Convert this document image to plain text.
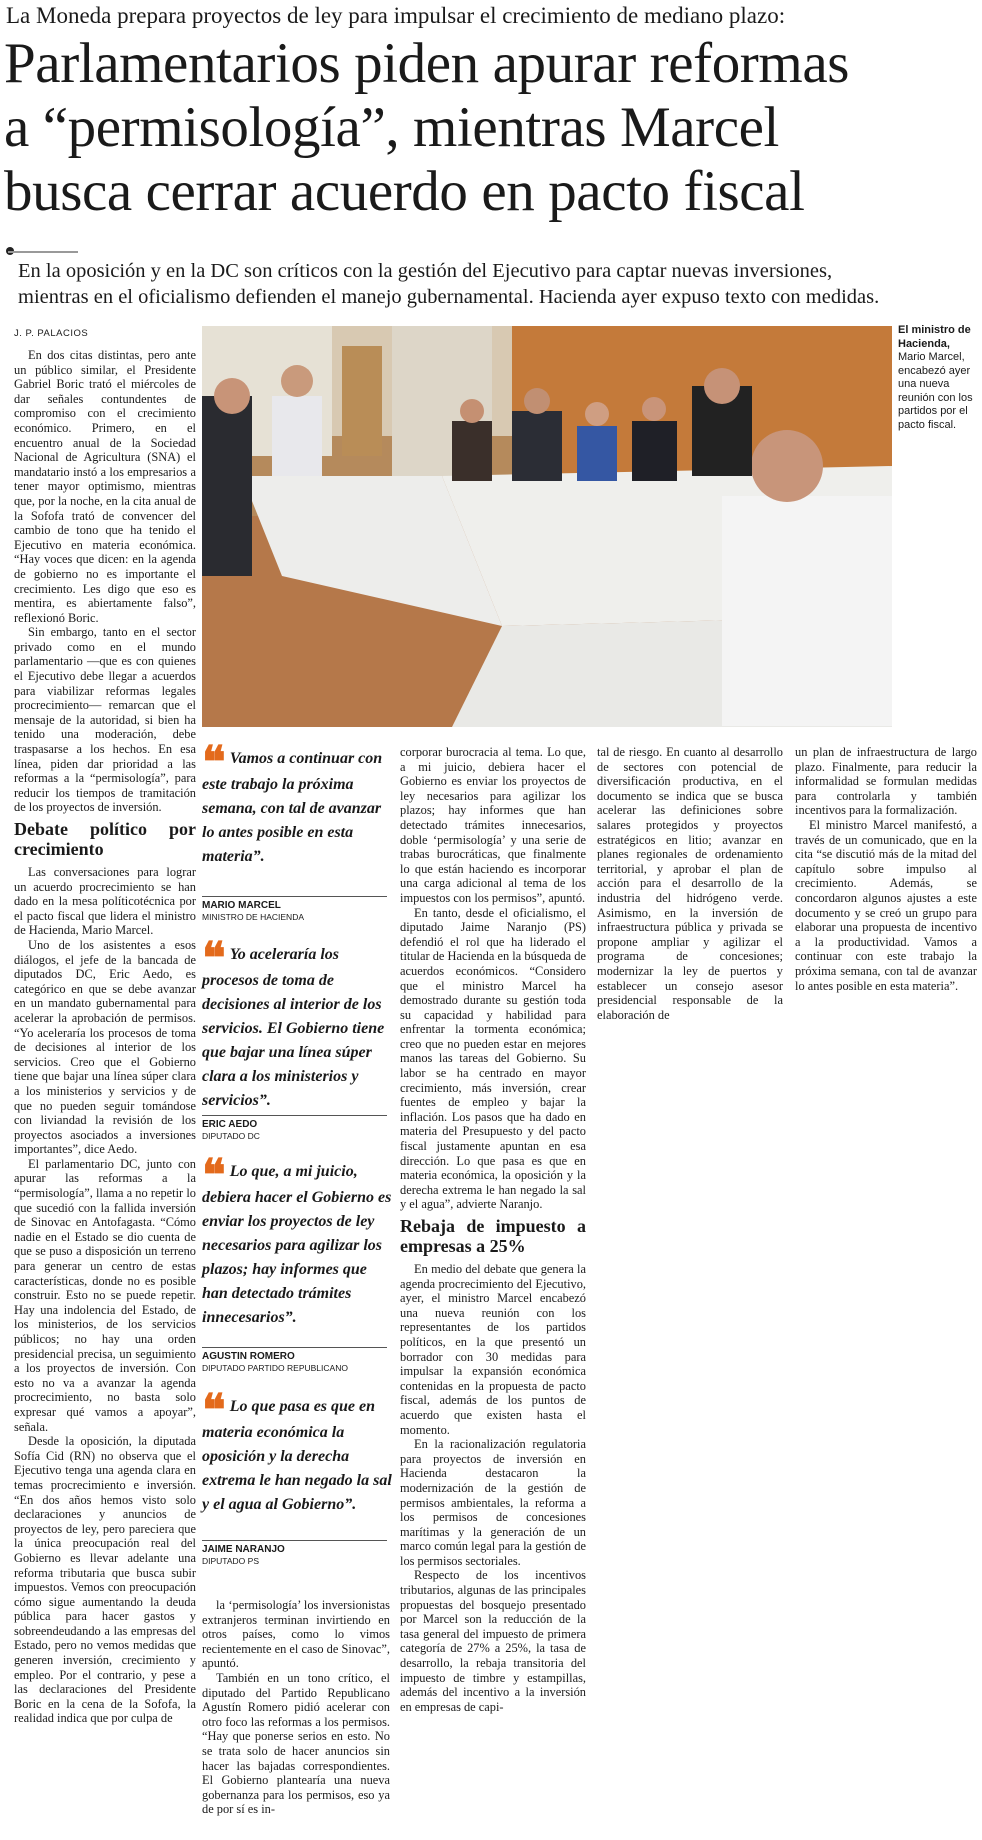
La Moneda prepara proyectos de ley para impulsar el crecimiento de mediano plazo:
Parlamentarios piden apurar reformas
a “permisología”, mientras Marcel
busca cerrar acuerdo en pacto fiscal
En la oposición y en la DC son críticos con la gestión del Ejecutivo para captar nuevas inversiones,
mientras en el oficialismo defienden el manejo gubernamental. Hacienda ayer expuso texto con medidas.
J. P. PALACIOS	El ministro de Hacienda,
Mario Marcel, encabezó ayer una nueva reunión con los partidos por el pacto fiscal.

En dos citas distintas, pero ante un público similar, el Presidente Gabriel Boric trató el miércoles de dar señales contundentes de compromiso con el crecimiento económico. Primero, en el encuentro anual de la Sociedad Nacional de Agricultura (SNA) el mandatario instó a los empresarios a tener mayor optimismo, mientras que, por la noche, en la cita anual de la Sofofa trató de convencer del cambio de tono que ha tenido el Ejecutivo en materia económica. “Hay voces que dicen: en la agenda de gobierno no es importante el crecimiento. Les digo que eso es mentira, es abiertamente falso”, reflexionó Boric.

Sin embargo, tanto en el sector privado como en el mundo parlamentario —que es con quienes el Ejecutivo debe llegar a acuerdos para viabilizar reformas legales procrecimiento— remarcan que el mensaje de la autoridad, si bien ha tenido una moderación, debe traspasarse a los hechos. En esa línea, piden dar prioridad a las reformas a la “permisología”, para reducir los tiempos de tramitación de los proyectos de inversión.

Debate político por crecimiento

Las conversaciones para lograr un acuerdo procrecimiento se han dado en la mesa políticotécnica por el pacto fiscal que lidera el ministro de Hacienda, Mario Marcel.

Uno de los asistentes a esos diálogos, el jefe de la bancada de diputados DC, Eric Aedo, es categórico en que se debe avanzar en un mandato gubernamental para acelerar la aprobación de permisos. “Yo aceleraría los procesos de toma de decisiones al interior de los servicios. Creo que el Gobierno tiene que bajar una línea súper clara a los ministerios y servicios y de que no pueden seguir tomándose con liviandad la revisión de los proyectos asociados a inversiones importantes”, dice Aedo.

El parlamentario DC, junto con apurar las reformas a la “permisología”, llama a no repetir lo que sucedió con la fallida inversión de Sinovac en Antofagasta. “Cómo nadie en el Estado se dio cuenta de que se puso a disposición un terreno para generar un centro de estas características, donde no es posible construir. Esto no se puede repetir. Hay una indolencia del Estado, de los ministerios, de los servicios públicos; no hay una orden presidencial precisa, un seguimiento a los proyectos de inversión. Con esto no va a avanzar la agenda procrecimiento, no basta solo expresar qué vamos a apoyar”, señala.

Desde la oposición, la diputada Sofía Cid (RN) no observa que el Ejecutivo tenga una agenda clara en temas procrecimiento e inversión. “En dos años hemos visto solo declaraciones y anuncios de proyectos de ley, pero pareciera que la única preocupación real del Gobierno es llevar adelante una reforma tributaria que busca subir impuestos. Vemos con preocupación cómo sigue aumentando la deuda pública para hacer gastos y sobreendeudando a las empresas del Estado, pero no vemos medidas que generen inversión, crecimiento y empleo. Por el contrario, y pese a las declaraciones del Presidente Boric en la cena de la Sofofa, la realidad indica que por culpa de

❝ Vamos a continuar con este trabajo la próxima semana, con tal de avanzar lo antes posible en esta materia”.
MARIO MARCEL
MINISTRO DE HACIENDA
❝ Yo aceleraría los procesos de toma de decisiones al interior de los servicios. El Gobierno tiene que bajar una línea súper clara a los ministerios y servicios”.
ERIC AEDO
DIPUTADO DC
❝ Lo que, a mi juicio, debiera hacer el Gobierno es enviar los proyectos de ley necesarios para agilizar los plazos; hay informes que han detectado trámites innecesarios”.
AGUSTIN ROMERO
DIPUTADO PARTIDO REPUBLICANO
❝ Lo que pasa es que en materia económica la oposición y la derecha extrema le han negado la sal y el agua al Gobierno”.
JAIME NARANJO
DIPUTADO PS

la ‘permisología’ los inversionistas extranjeros terminan invirtiendo en otros países, como lo vimos recientemente en el caso de Sinovac”, apuntó.

También en un tono crítico, el diputado del Partido Republicano Agustín Romero pidió acelerar con otro foco las reformas a los permisos. “Hay que ponerse serios en esto. No se trata solo de hacer anuncios sin hacer las bajadas correspondientes. El Gobierno plantearía una nueva gobernanza para los permisos, eso ya de por sí es in-

corporar burocracia al tema. Lo que, a mi juicio, debiera hacer el Gobierno es enviar los proyectos de ley necesarios para agilizar los plazos; hay informes que han detectado trámites innecesarios, doble ‘permisología’ y una serie de trabas burocráticas, que finalmente lo que están haciendo es incorporar una carga adicional al tema de los impuestos con los permisos”, apuntó.

En tanto, desde el oficialismo, el diputado Jaime Naranjo (PS) defendió el rol que ha liderado el titular de Hacienda en la búsqueda de acuerdos económicos. “Considero que el ministro Marcel ha demostrado durante su gestión toda su capacidad y habilidad para enfrentar la tormenta económica; creo que no pueden estar en mejores manos las tareas del Gobierno. Su labor se ha centrado en mayor crecimiento, más inversión, crear fuentes de empleo y bajar la inflación. Los pasos que ha dado en materia del Presupuesto y del pacto fiscal justamente apuntan en esa dirección. Lo que pasa es que en materia económica, la oposición y la derecha extrema le han negado la sal y el agua”, advierte Naranjo.

Rebaja de impuesto a empresas a 25%

En medio del debate que genera la agenda procrecimiento del Ejecutivo, ayer, el ministro Marcel encabezó una nueva reunión con los representantes de los partidos políticos, en la que presentó un borrador con 30 medidas para impulsar la expansión económica contenidas en la propuesta de pacto fiscal, además de los puntos de acuerdo que existen hasta el momento.

En la racionalización regulatoria para proyectos de inversión en Hacienda destacaron la modernización de la gestión de permisos ambientales, la reforma a los permisos de concesiones marítimas y la generación de un marco común legal para la gestión de los permisos sectoriales.

Respecto de los incentivos tributarios, algunas de las principales propuestas del bosquejo presentado por Marcel son la reducción de la tasa general del impuesto de primera categoría de 27% a 25%, la tasa de desarrollo, la rebaja transitoria del impuesto de timbre y estampillas, además del incentivo a la inversión en empresas de capi-

tal de riesgo. En cuanto al desarrollo de sectores con potencial de diversificación productiva, en el documento se indica que se busca acelerar las definiciones sobre salares protegidos y proyectos estratégicos en litio; avanzar en planes regionales de ordenamiento territorial, y aprobar el plan de acción para el desarrollo de la industria del hidrógeno verde. Asimismo, en la inversión de infraestructura pública y privada se propone ampliar y agilizar el programa de concesiones; modernizar la ley de puertos y establecer un consejo asesor presidencial responsable de la elaboración de

un plan de infraestructura de largo plazo. Finalmente, para reducir la informalidad se formulan medidas para controlarla y también incentivos para la formalización.

El ministro Marcel manifestó, a través de un comunicado, que en la cita “se discutió más de la mitad del capítulo sobre impulso al crecimiento. Además, se concordaron algunos ajustes a este documento y se creó un grupo para elaborar una propuesta de incentivo a la productividad. Vamos a continuar con este trabajo la próxima semana, con tal de avanzar lo antes posible en esta materia”.
